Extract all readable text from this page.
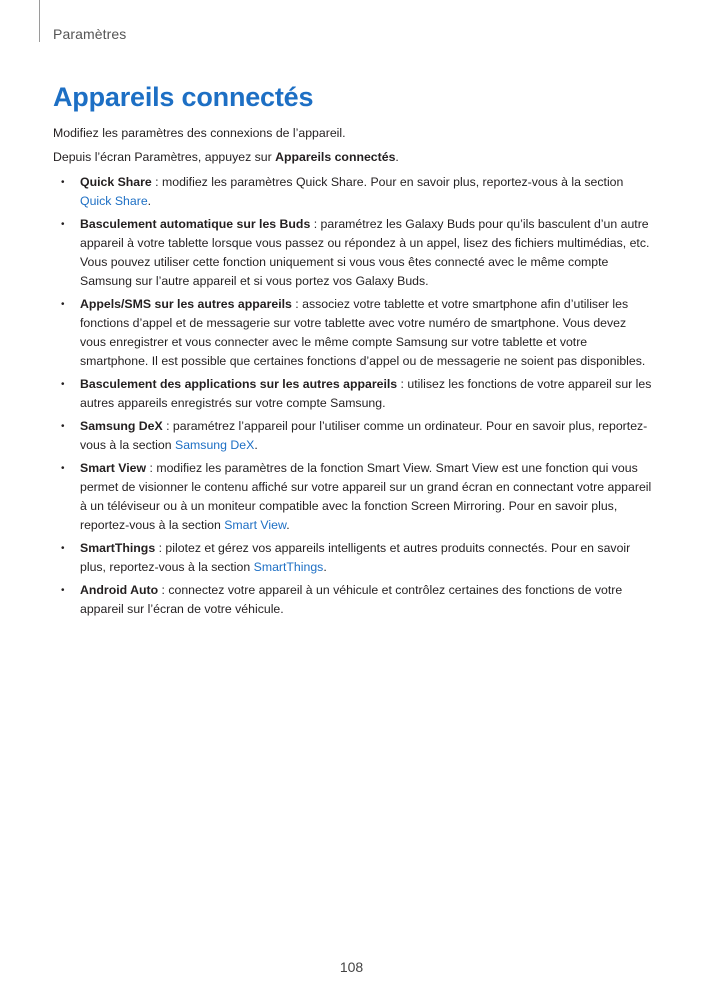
Paramètres
Appareils connectés

Modifiez les paramètres des connexions de l’appareil.

Depuis l’écran Paramètres, appuyez sur Appareils connectés.

• Quick Share : modifiez les paramètres Quick Share. Pour en savoir plus, reportez-vous à la section Quick Share.
• Basculement automatique sur les Buds : paramétrez les Galaxy Buds pour qu’ils basculent d’un autre appareil à votre tablette lorsque vous passez ou répondez à un appel, lisez des fichiers multimédias, etc. Vous pouvez utiliser cette fonction uniquement si vous vous êtes connecté avec le même compte Samsung sur l’autre appareil et si vous portez vos Galaxy Buds.
• Appels/SMS sur les autres appareils : associez votre tablette et votre smartphone afin d’utiliser les fonctions d’appel et de messagerie sur votre tablette avec votre numéro de smartphone. Vous devez vous enregistrer et vous connecter avec le même compte Samsung sur votre tablette et votre smartphone. Il est possible que certaines fonctions d’appel ou de messagerie ne soient pas disponibles.
• Basculement des applications sur les autres appareils : utilisez les fonctions de votre appareil sur les autres appareils enregistrés sur votre compte Samsung.
• Samsung DeX : paramétrez l’appareil pour l’utiliser comme un ordinateur. Pour en savoir plus, reportez-vous à la section Samsung DeX.
• Smart View : modifiez les paramètres de la fonction Smart View. Smart View est une fonction qui vous permet de visionner le contenu affiché sur votre appareil sur un grand écran en connectant votre appareil à un téléviseur ou à un moniteur compatible avec la fonction Screen Mirroring. Pour en savoir plus, reportez-vous à la section Smart View.
• SmartThings : pilotez et gérez vos appareils intelligents et autres produits connectés. Pour en savoir plus, reportez-vous à la section SmartThings.
• Android Auto : connectez votre appareil à un véhicule et contrôlez certaines des fonctions de votre appareil sur l’écran de votre véhicule.
108
